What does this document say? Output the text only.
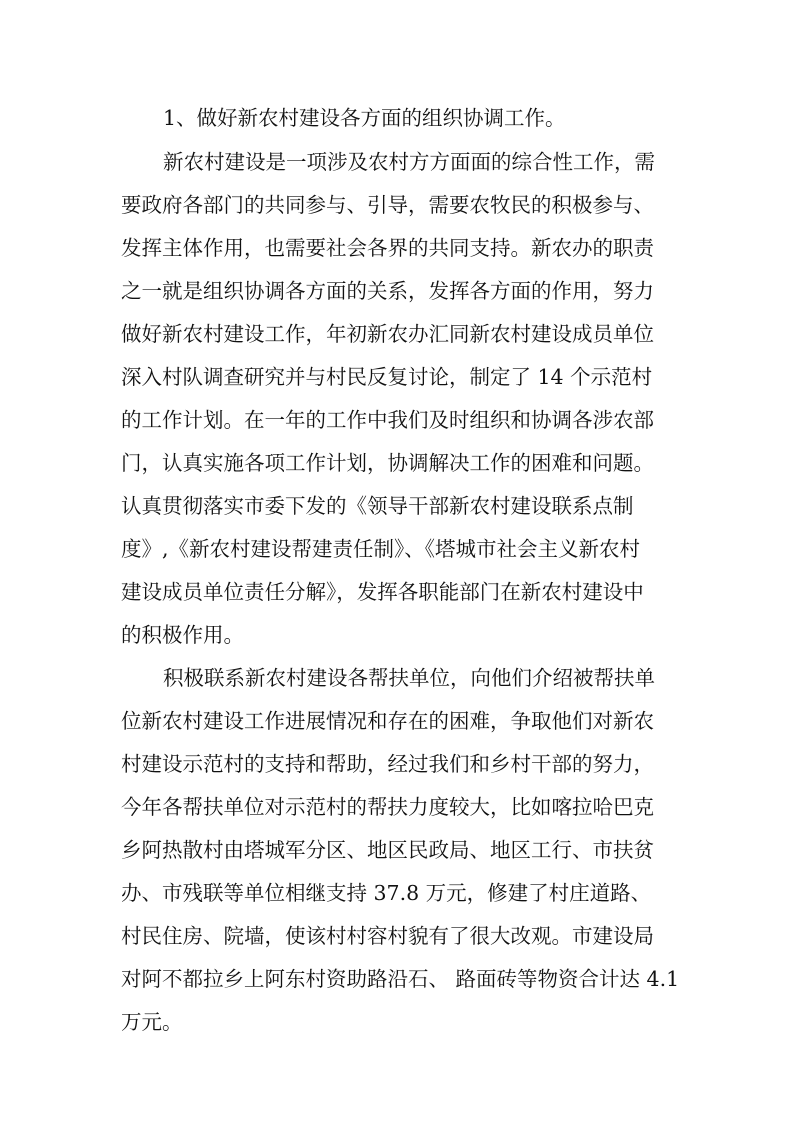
1、做好新农村建设各方面的组织协调工作。
新农村建设是一项涉及农村方方面面的综合性工作，需
要政府各部门的共同参与、引导，需要农牧民的积极参与、
发挥主体作用，也需要社会各界的共同支持。新农办的职责
之一就是组织协调各方面的关系，发挥各方面的作用，努力
做好新农村建设工作，年初新农办汇同新农村建设成员单位
深入村队调查研究并与村民反复讨论，制定了 14 个示范村
的工作计划。在一年的工作中我们及时组织和协调各涉农部
门，认真实施各项工作计划，协调解决工作的困难和问题。
认真贯彻落实市委下发的《领导干部新农村建设联系点制
度》,《新农村建设帮建责任制》、《塔城市社会主义新农村
建设成员单位责任分解》，发挥各职能部门在新农村建设中
的积极作用。
积极联系新农村建设各帮扶单位，向他们介绍被帮扶单
位新农村建设工作进展情况和存在的困难，争取他们对新农
村建设示范村的支持和帮助，经过我们和乡村干部的努力，
今年各帮扶单位对示范村的帮扶力度较大，比如喀拉哈巴克
乡阿热散村由塔城军分区、地区民政局、地区工行、市扶贫
办、市残联等单位相继支持 37.8 万元，修建了村庄道路、
村民住房、院墙，使该村村容村貌有了很大改观。市建设局
对阿不都拉乡上阿东村资助路沿石、 路面砖等物资合计达 4.1
万元。
